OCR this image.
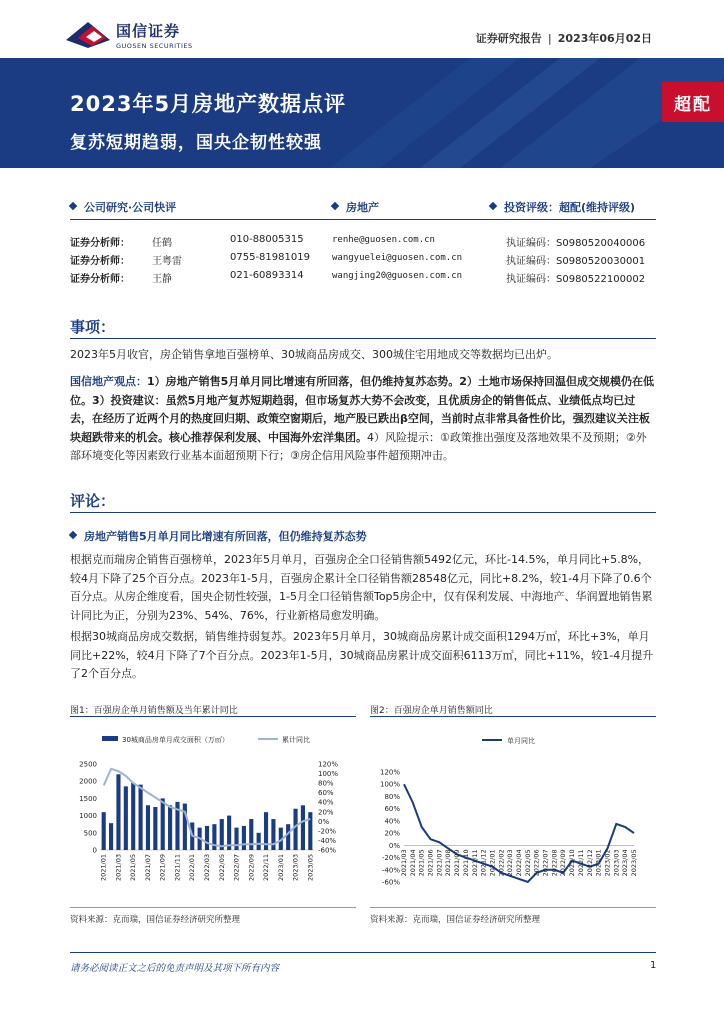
国信证券
GUOSEN SECURITIES
证券研究报告 | 2023年06月02日
2023年5月房地产数据点评
复苏短期趋弱，国央企韧性较强
超配
公司研究·公司快评	房地产	投资评级：超配(维持评级)
证券分析师： 任鹤	010-88005315	renhe@guosen.com.cn	执证编码：S0980520040006
证券分析师： 王粤雷	0755-81981019 wangyuelei@guosen.com.cn	执证编码：S0980520030001
证券分析师： 王静	021-60893314	wangjing20@guosen.com.cn	执证编码：S0980522100002
事项：
2023年5月收官，房企销售拿地百强榜单、30城商品房成交、300城住宅用地成交等数据均已出炉。
国信地产观点：1）房地产销售5月单月同比增速有所回落，但仍维持复苏态势。2）土地市场保持回温但成交规模仍在低位。3）投资建议：虽然5月地产复苏短期趋弱，但市场复苏大势不会改变，且优质房企的销售低点、业绩低点均已过去，在经历了近两个月的热度回归期、政策空窗期后，地产股已跌出β空间，当前时点非常具备性价比，强烈建议关注板块超跌带来的机会。核心推荐保利发展、中国海外宏洋集团。4）风险提示：①政策推出强度及落地效果不及预期；②外部环境变化等因素致行业基本面超预期下行；③房企信用风险事件超预期冲击。
评论：
房地产销售5月单月同比增速有所回落，但仍维持复苏态势
根据克而瑞房企销售百强榜单，2023年5月单月，百强房企全口径销售额5492亿元，环比-14.5%，单月同比+5.8%，较4月下降了25个百分点。2023年1-5月，百强房企累计全口径销售额28548亿元，同比+8.2%，较1-4月下降了0.6个百分点。从房企维度看，国央企韧性较强，1-5月全口径销售额Top5房企中，仅有保利发展、中海地产、华润置地销售累计同比为正，分别为23%、54%、76%，行业新格局愈发明确。
根据30城商品房成交数据，销售维持弱复苏。2023年5月单月，30城商品房累计成交面积1294万㎡，环比+3%，单月同比+22%，较4月下降了7个百分点。2023年1-5月，30城商品房累计成交面积6113万㎡，同比+11%，较1-4月提升了2个百分点。
图1：百强房企单月销售额及当年累计同比
30城商品房单月成交面积（万㎡）	累计同比
0
500
1000
1500
2000
2500
-60%
-40%
-20%
0%
20%
40%
60%
80%
100%
120%
2021/01 2021/03 2021/05 2021/07 2021/09 2021/11 2022/01 2022/03 2022/05 2022/07 2022/09 2022/11 2023/01 2023/03 2023/05
资料来源：克而瑞，国信证券经济研究所整理
图2：百强房企单月销售额同比
单月同比
-60%
-40%
-20%
0%
20%
40%
60%
80%
100%
120%
2021/03 2021/04 2021/05 2021/06 2021/07 2021/08 2021/09 2021/10 2021/11 2021/12 2022/01 2022/02 2022/03 2022/04 2022/05 2022/06 2022/07 2022/08 2022/09 2022/10 2022/11 2022/12 2023/01 2023/02 2023/03 2023/04 2023/05
资料来源：克而瑞，国信证券经济研究所整理
请务必阅读正文之后的免责声明及其项下所有内容	1
